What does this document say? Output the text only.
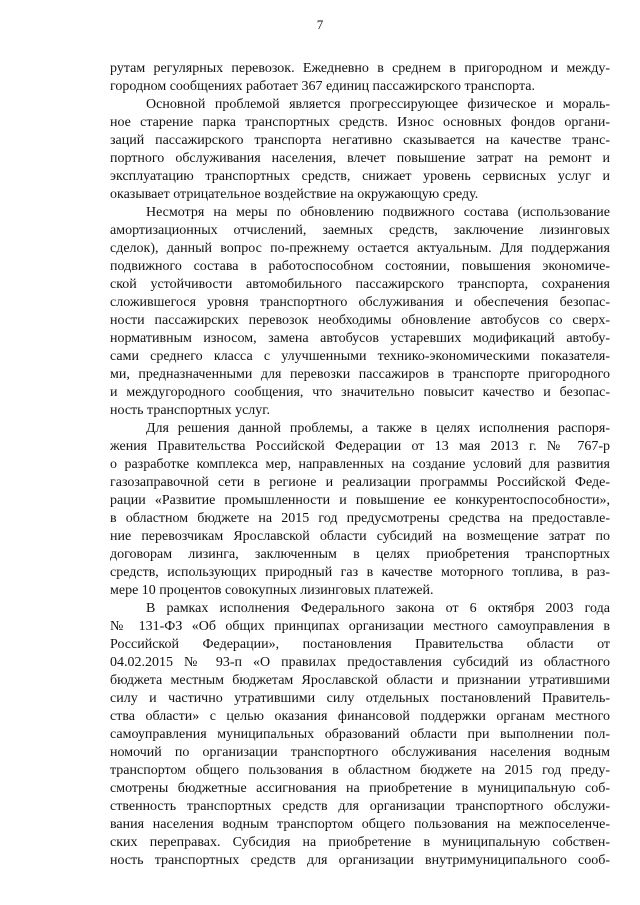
7
рутам регулярных перевозок. Ежедневно в среднем в пригородном и между-
городном сообщениях работает 367 единиц пассажирского транспорта.
Основной проблемой является прогрессирующее физическое и мораль-
ное старение парка транспортных средств. Износ основных фондов органи-
заций пассажирского транспорта негативно сказывается на качестве транс-
портного обслуживания населения, влечет повышение затрат на ремонт и
эксплуатацию транспортных средств, снижает уровень сервисных услуг и
оказывает отрицательное воздействие на окружающую среду.
Несмотря на меры по обновлению подвижного состава (использование
амортизационных отчислений, заемных средств, заключение лизинговых
сделок), данный вопрос по-прежнему остается актуальным. Для поддержания
подвижного состава в работоспособном состоянии, повышения экономиче-
ской устойчивости автомобильного пассажирского транспорта, сохранения
сложившегося уровня транспортного обслуживания и обеспечения безопас-
ности пассажирских перевозок необходимы обновление автобусов со сверх-
нормативным износом, замена автобусов устаревших модификаций автобу-
сами среднего класса с улучшенными технико-экономическими показателя-
ми, предназначенными для перевозки пассажиров в транспорте пригородного
и междугородного сообщения, что значительно повысит качество и безопас-
ность транспортных услуг.
Для решения данной проблемы, а также в целях исполнения распоря-
жения Правительства Российской Федерации от 13 мая 2013 г. № 767-р
о разработке комплекса мер, направленных на создание условий для развития
газозаправочной сети в регионе и реализации программы Российской Феде-
рации «Развитие промышленности и повышение ее конкурентоспособности»,
в областном бюджете на 2015 год предусмотрены средства на предоставле-
ние перевозчикам Ярославской области субсидий на возмещение затрат по
договорам лизинга, заключенным в целях приобретения транспортных
средств, использующих природный газ в качестве моторного топлива, в раз-
мере 10 процентов совокупных лизинговых платежей.
В рамках исполнения Федерального закона от 6 октября 2003 года
№ 131-ФЗ «Об общих принципах организации местного самоуправления в
Российской Федерации», постановления Правительства области от
04.02.2015 № 93-п «О правилах предоставления субсидий из областного
бюджета местным бюджетам Ярославской области и признании утратившими
силу и частично утратившими силу отдельных постановлений Правитель-
ства области» с целью оказания финансовой поддержки органам местного
самоуправления муниципальных образований области при выполнении пол-
номочий по организации транспортного обслуживания населения водным
транспортом общего пользования в областном бюджете на 2015 год преду-
смотрены бюджетные ассигнования на приобретение в муниципальную соб-
ственность транспортных средств для организации транспортного обслужи-
вания населения водным транспортом общего пользования на межпоселенче-
ских переправах. Субсидия на приобретение в муниципальную собствен-
ность транспортных средств для организации внутримуниципального сооб-
